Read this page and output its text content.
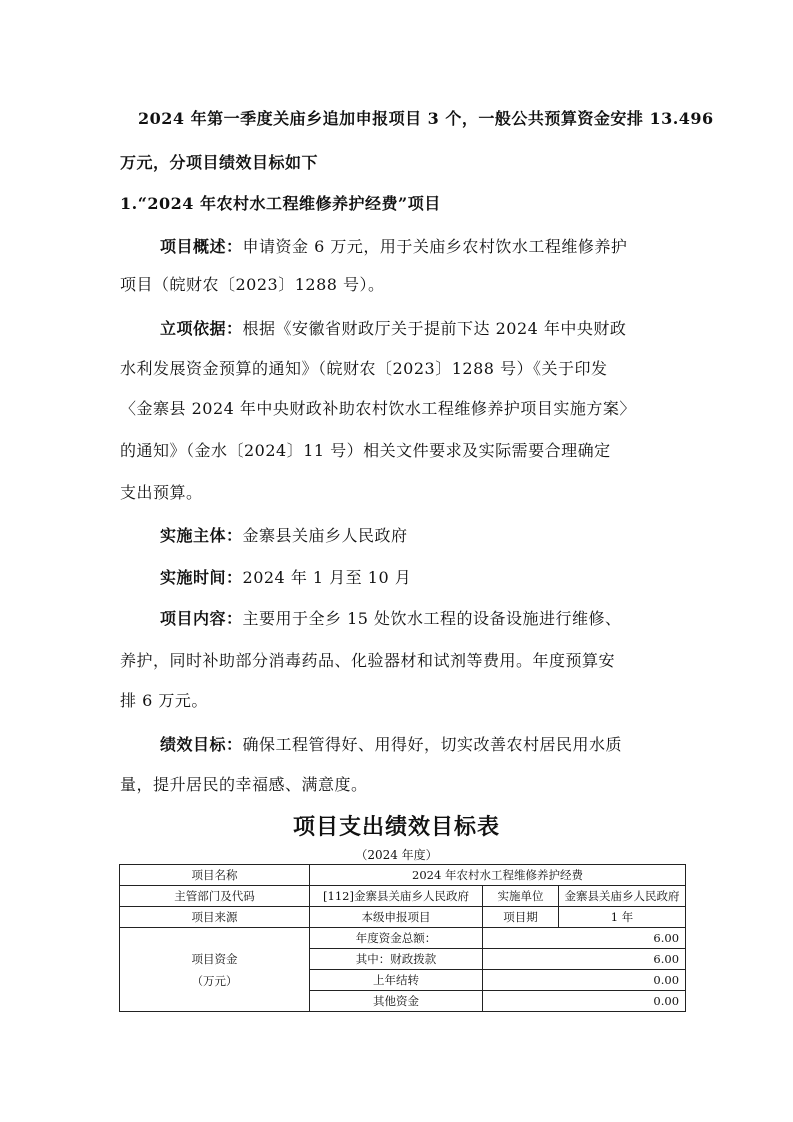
2024 年第一季度关庙乡追加申报项目 3 个，一般公共预算资金安排 13.496
万元，分项目绩效目标如下
1.“2024 年农村水工程维修养护经费”项目
项目概述：申请资金 6 万元，用于关庙乡农村饮水工程维修养护
项目（皖财农〔2023〕1288 号）。
立项依据：根据《安徽省财政厅关于提前下达 2024 年中央财政
水利发展资金预算的通知》（皖财农〔2023〕1288 号）《关于印发
〈金寨县 2024 年中央财政补助农村饮水工程维修养护项目实施方案〉
的通知》（金水〔2024〕11 号）相关文件要求及实际需要合理确定
支出预算。
实施主体：金寨县关庙乡人民政府
实施时间：2024 年 1 月至 10 月
项目内容：主要用于全乡 15 处饮水工程的设备设施进行维修、
养护，同时补助部分消毒药品、化验器材和试剂等费用。年度预算安
排 6 万元。
绩效目标：确保工程管得好、用得好，切实改善农村居民用水质
量，提升居民的幸福感、满意度。
项目支出绩效目标表
（2024 年度）
项目名称	2024 年农村水工程维修养护经费		
主管部门及代码	[112]金寨县关庙乡人民政府	实施单位	金寨县关庙乡人民政府
项目来源	本级申报项目	项目期	1 年

项目资金
（万元）	年度资金总额：	6.00	
	其中：财政拨款	6.00	
	上年结转	0.00	
	其他资金	0.00	
